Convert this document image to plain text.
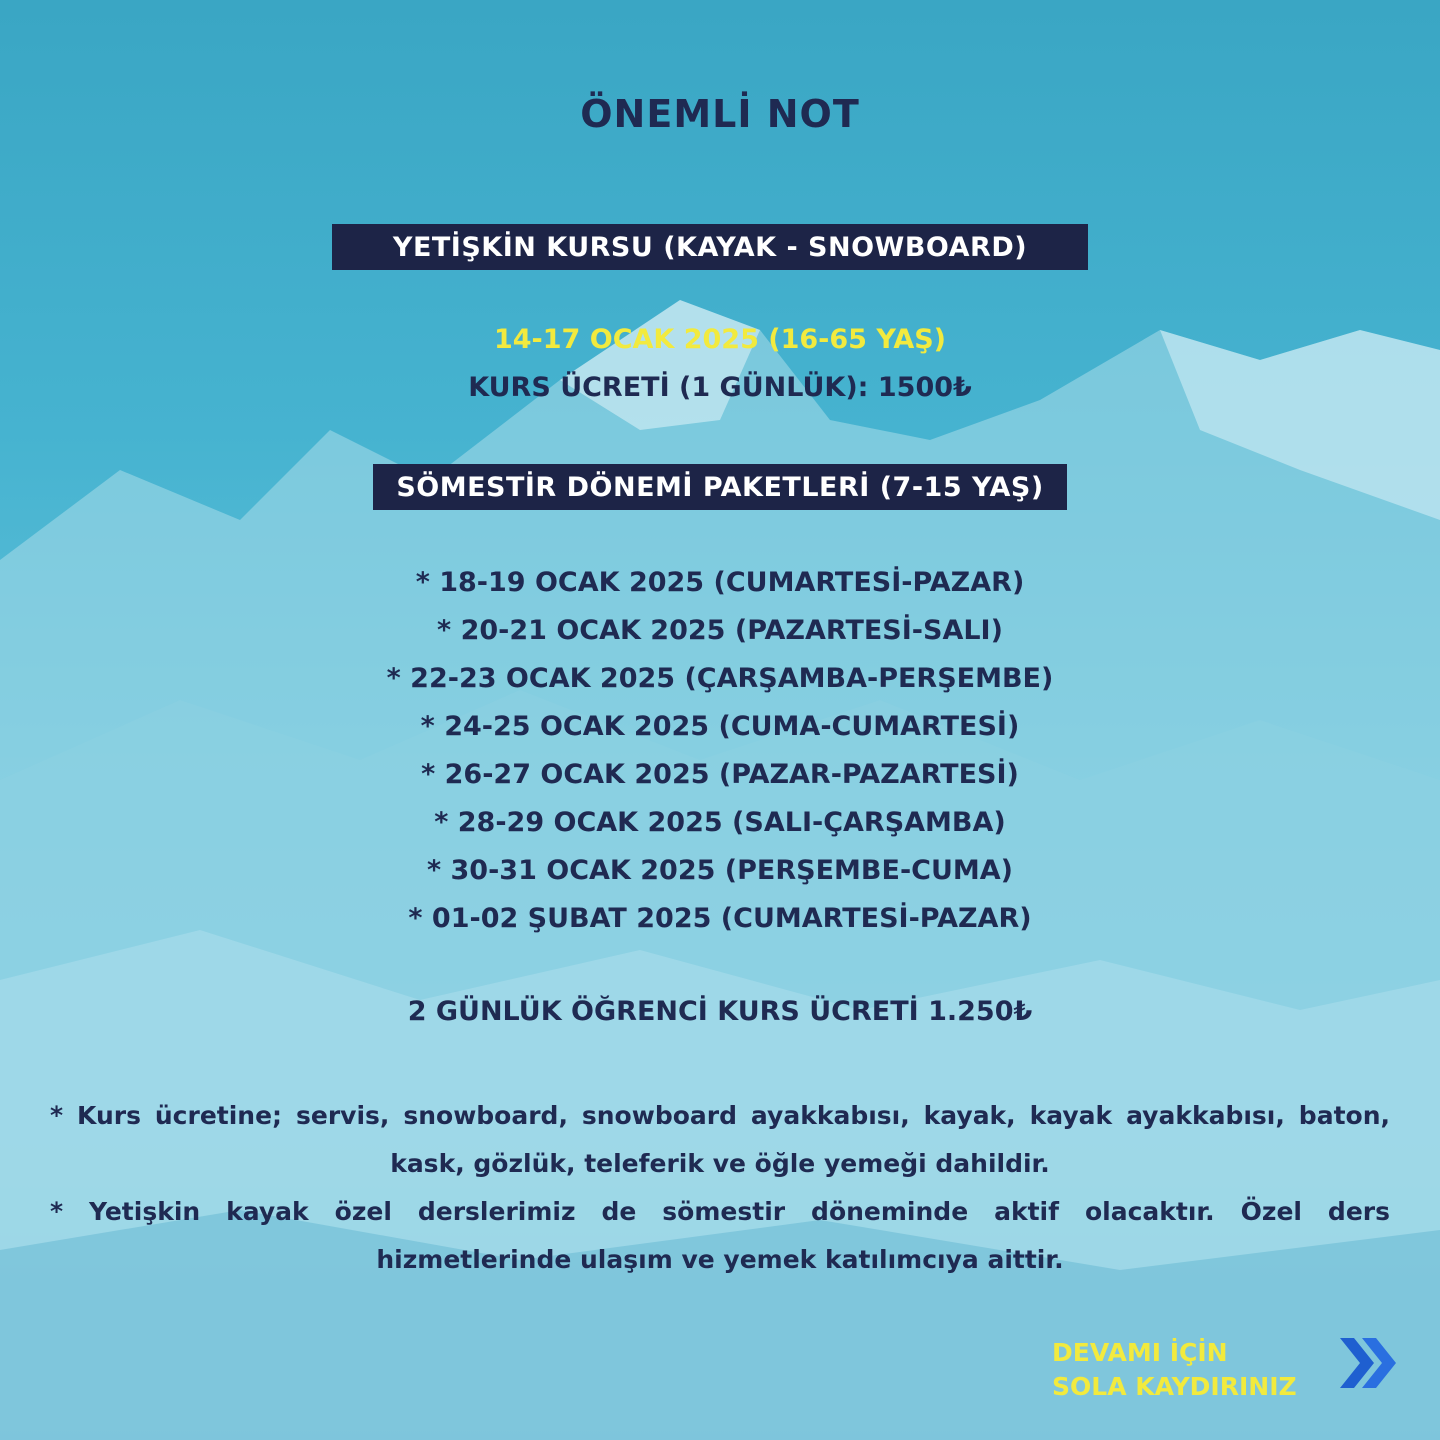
ÖNEMLİ NOT
YETİŞKİN KURSU (KAYAK - SNOWBOARD)
14-17 OCAK 2025 (16-65 YAŞ)
KURS ÜCRETİ (1 GÜNLÜK): 1500₺
SÖMESTİR DÖNEMİ PAKETLERİ (7-15 YAŞ)
* 18-19 OCAK 2025 (CUMARTESİ-PAZAR)
* 20-21 OCAK 2025 (PAZARTESİ-SALI)
* 22-23 OCAK 2025 (ÇARŞAMBA-PERŞEMBE)
* 24-25 OCAK 2025 (CUMA-CUMARTESİ)
* 26-27 OCAK 2025 (PAZAR-PAZARTESİ)
* 28-29 OCAK 2025 (SALI-ÇARŞAMBA)
* 30-31 OCAK 2025 (PERŞEMBE-CUMA)
* 01-02 ŞUBAT 2025 (CUMARTESİ-PAZAR)
2 GÜNLÜK ÖĞRENCİ KURS ÜCRETİ 1.250₺

* Kurs ücretine; servis, snowboard, snowboard ayakkabısı, kayak, kayak ayakkabısı, baton, kask, gözlük, teleferik ve öğle yemeği dahildir.

* Yetişkin kayak özel derslerimiz de sömestir döneminde aktif olacaktır. Özel ders hizmetlerinde ulaşım ve yemek katılımcıya aittir.

DEVAMI İÇİN
SOLA KAYDIRINIZ
